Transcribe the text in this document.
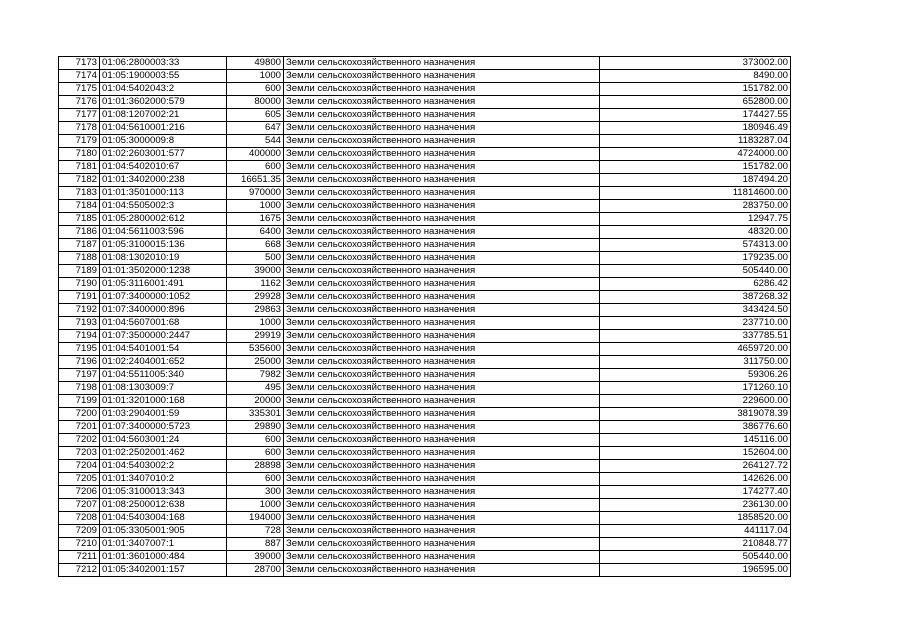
7173	01:06:2800003:33	49800	Земли сельскохозяйственного назначения	373002.00
7174	01:05:1900003:55	1000	Земли сельскохозяйственного назначения	8490.00
7175	01:04:5402043:2	600	Земли сельскохозяйственного назначения	151782.00
7176	01:01:3602000:579	80000	Земли сельскохозяйственного назначения	652800.00
7177	01:08:1207002:21	605	Земли сельскохозяйственного назначения	174427.55
7178	01:04:5610001:216	647	Земли сельскохозяйственного назначения	180946.49
7179	01:05:3000009:8	544	Земли сельскохозяйственного назначения	1183287.04
7180	01:02:2603001:577	400000	Земли сельскохозяйственного назначения	4724000.00
7181	01:04:5402010:67	600	Земли сельскохозяйственного назначения	151782.00
7182	01:01:3402000:238	16651.35	Земли сельскохозяйственного назначения	187494.20
7183	01:01:3501000:113	970000	Земли сельскохозяйственного назначения	11814600.00
7184	01:04:5505002:3	1000	Земли сельскохозяйственного назначения	283750.00
7185	01:05:2800002:612	1675	Земли сельскохозяйственного назначения	12947.75
7186	01:04:5611003:596	6400	Земли сельскохозяйственного назначения	48320.00
7187	01:05:3100015:136	668	Земли сельскохозяйственного назначения	574313.00
7188	01:08:1302010:19	500	Земли сельскохозяйственного назначения	179235.00
7189	01:01:3502000:1238	39000	Земли сельскохозяйственного назначения	505440.00
7190	01:05:3116001:491	1162	Земли сельскохозяйственного назначения	6286.42
7191	01:07:3400000:1052	29928	Земли сельскохозяйственного назначения	387268.32
7192	01:07:3400000:896	29863	Земли сельскохозяйственного назначения	343424.50
7193	01:04:5607001:68	1000	Земли сельскохозяйственного назначения	237710.00
7194	01:07:3500000:2447	29919	Земли сельскохозяйственного назначения	337785.51
7195	01:04:5401001:54	535600	Земли сельскохозяйственного назначения	4659720.00
7196	01:02:2404001:652	25000	Земли сельскохозяйственного назначения	311750.00
7197	01:04:5511005:340	7982	Земли сельскохозяйственного назначения	59306.26
7198	01:08:1303009:7	495	Земли сельскохозяйственного назначения	171260.10
7199	01:01:3201000:168	20000	Земли сельскохозяйственного назначения	229600.00
7200	01:03:2904001:59	335301	Земли сельскохозяйственного назначения	3819078.39
7201	01:07:3400000:5723	29890	Земли сельскохозяйственного назначения	386776.60
7202	01:04:5603001:24	600	Земли сельскохозяйственного назначения	145116.00
7203	01:02:2502001:462	600	Земли сельскохозяйственного назначения	152604.00
7204	01:04:5403002:2	28898	Земли сельскохозяйственного назначения	264127.72
7205	01:01:3407010:2	600	Земли сельскохозяйственного назначения	142626.00
7206	01:05:3100013:343	300	Земли сельскохозяйственного назначения	174277.40
7207	01:08:2500012:638	1000	Земли сельскохозяйственного назначения	236130.00
7208	01:04:5403004:168	194000	Земли сельскохозяйственного назначения	1858520.00
7209	01:05:3305001:905	728	Земли сельскохозяйственного назначения	441117.04
7210	01:01:3407007:1	887	Земли сельскохозяйственного назначения	210848.77
7211	01:01:3601000:484	39000	Земли сельскохозяйственного назначения	505440.00
7212	01:05:3402001:157	28700	Земли сельскохозяйственного назначения	196595.00
